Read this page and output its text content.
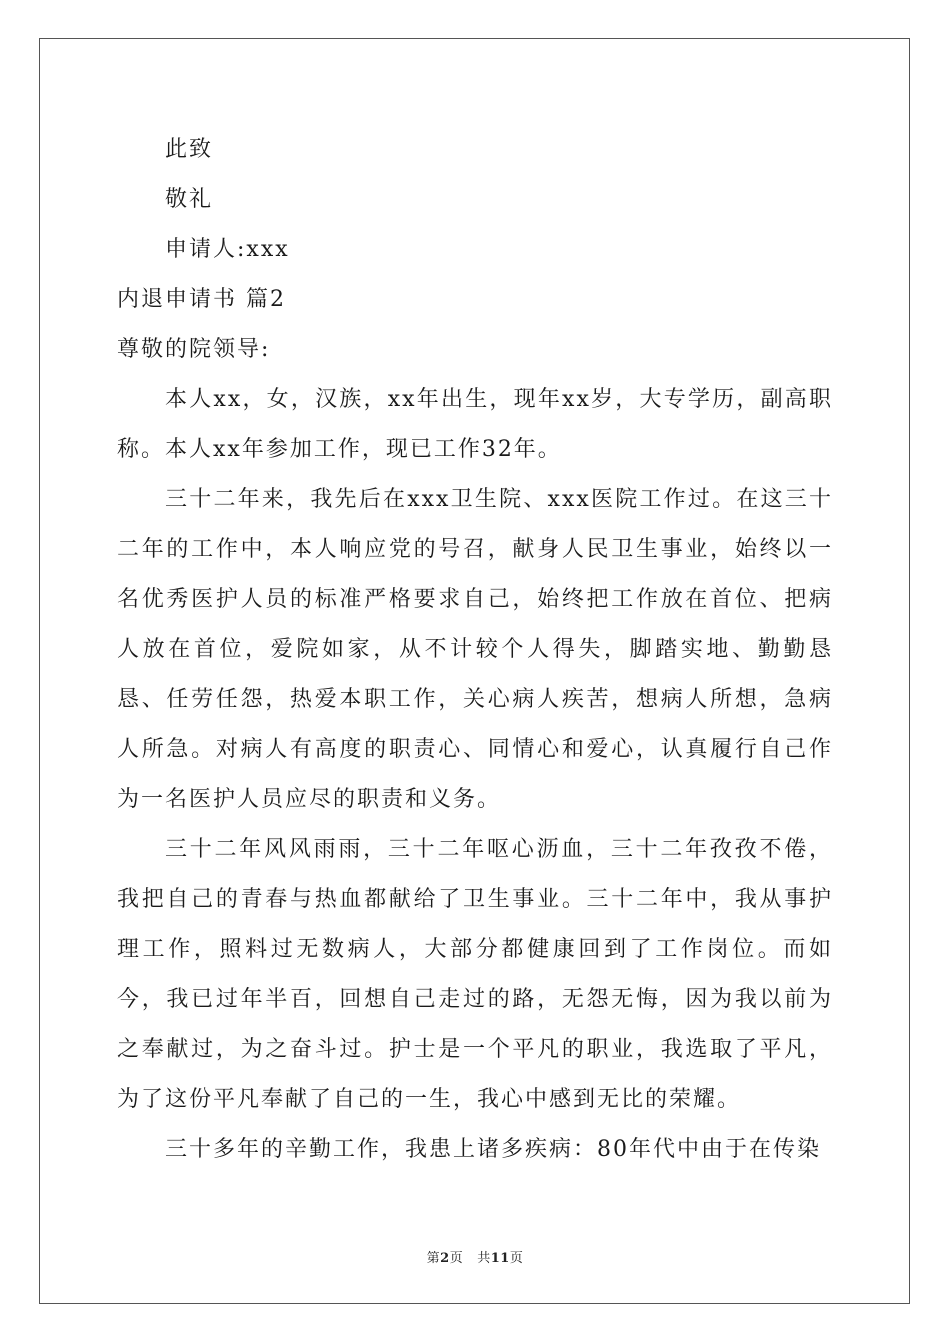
此致
敬礼
申请人:xxx
内退申请书 篇2
尊敬的院领导:
本人xx，女，汉族，xx年出生，现年xx岁，大专学历，副高职称。本人xx年参加工作，现已工作32年。
三十二年来，我先后在xxx卫生院、xxx医院工作过。在这三十二年的工作中，本人响应党的号召，献身人民卫生事业，始终以一名优秀医护人员的标准严格要求自己，始终把工作放在首位、把病人放在首位，爱院如家，从不计较个人得失，脚踏实地、勤勤恳恳、任劳任怨，热爱本职工作，关心病人疾苦，想病人所想，急病人所急。对病人有高度的职责心、同情心和爱心，认真履行自己作为一名医护人员应尽的职责和义务。
三十二年风风雨雨，三十二年呕心沥血，三十二年孜孜不倦，我把自己的青春与热血都献给了卫生事业。三十二年中，我从事护理工作，照料过无数病人，大部分都健康回到了工作岗位。而如今，我已过年半百，回想自己走过的路，无怨无悔，因为我以前为之奉献过，为之奋斗过。护士是一个平凡的职业，我选取了平凡，为了这份平凡奉献了自己的一生，我心中感到无比的荣耀。
三十多年的辛勤工作，我患上诸多疾病：80年代中由于在传染
第2页 共11页
